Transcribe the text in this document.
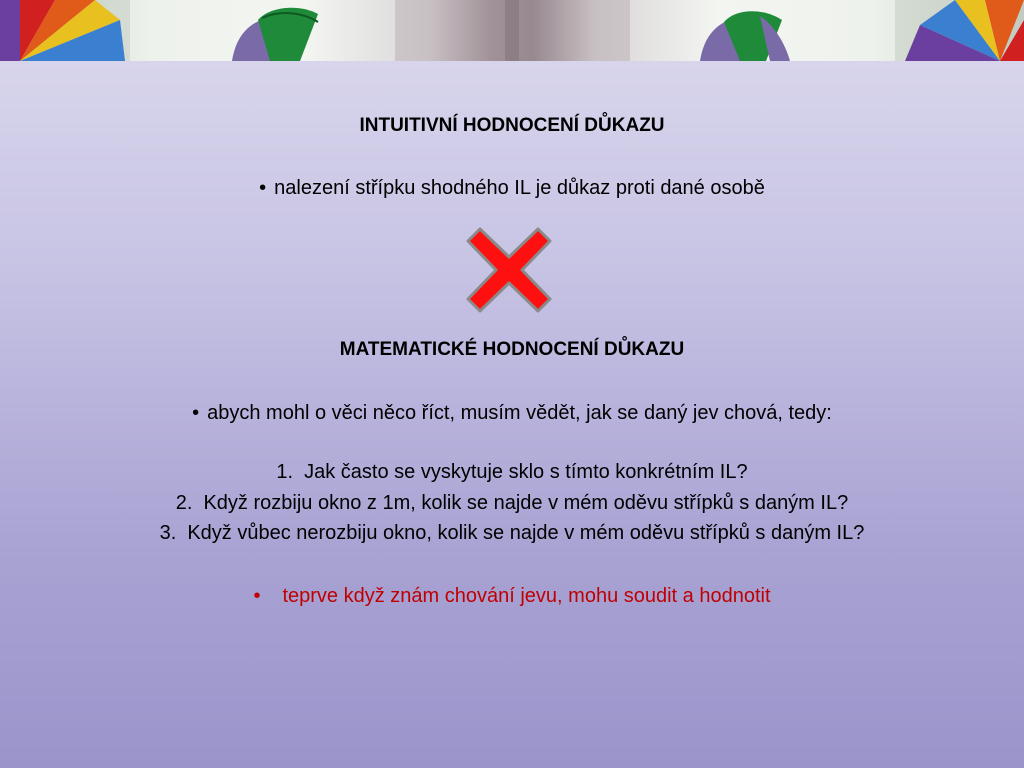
INTUITIVNÍ HODNOCENÍ DŮKAZU
• nalezení střípku shodného IL je důkaz proti dané osobě
MATEMATICKÉ HODNOCENÍ DŮKAZU
• abych mohl o věci něco říct, musím vědět, jak se daný jev chová, tedy:
1. Jak často se vyskytuje sklo s tímto konkrétním IL?
2. Když rozbiju okno z 1m, kolik se najde v mém oděvu střípků s daným IL?
3. Když vůbec nerozbiju okno, kolik se najde v mém oděvu střípků s daným IL?
• teprve když znám chování jevu, mohu soudit a hodnotit
